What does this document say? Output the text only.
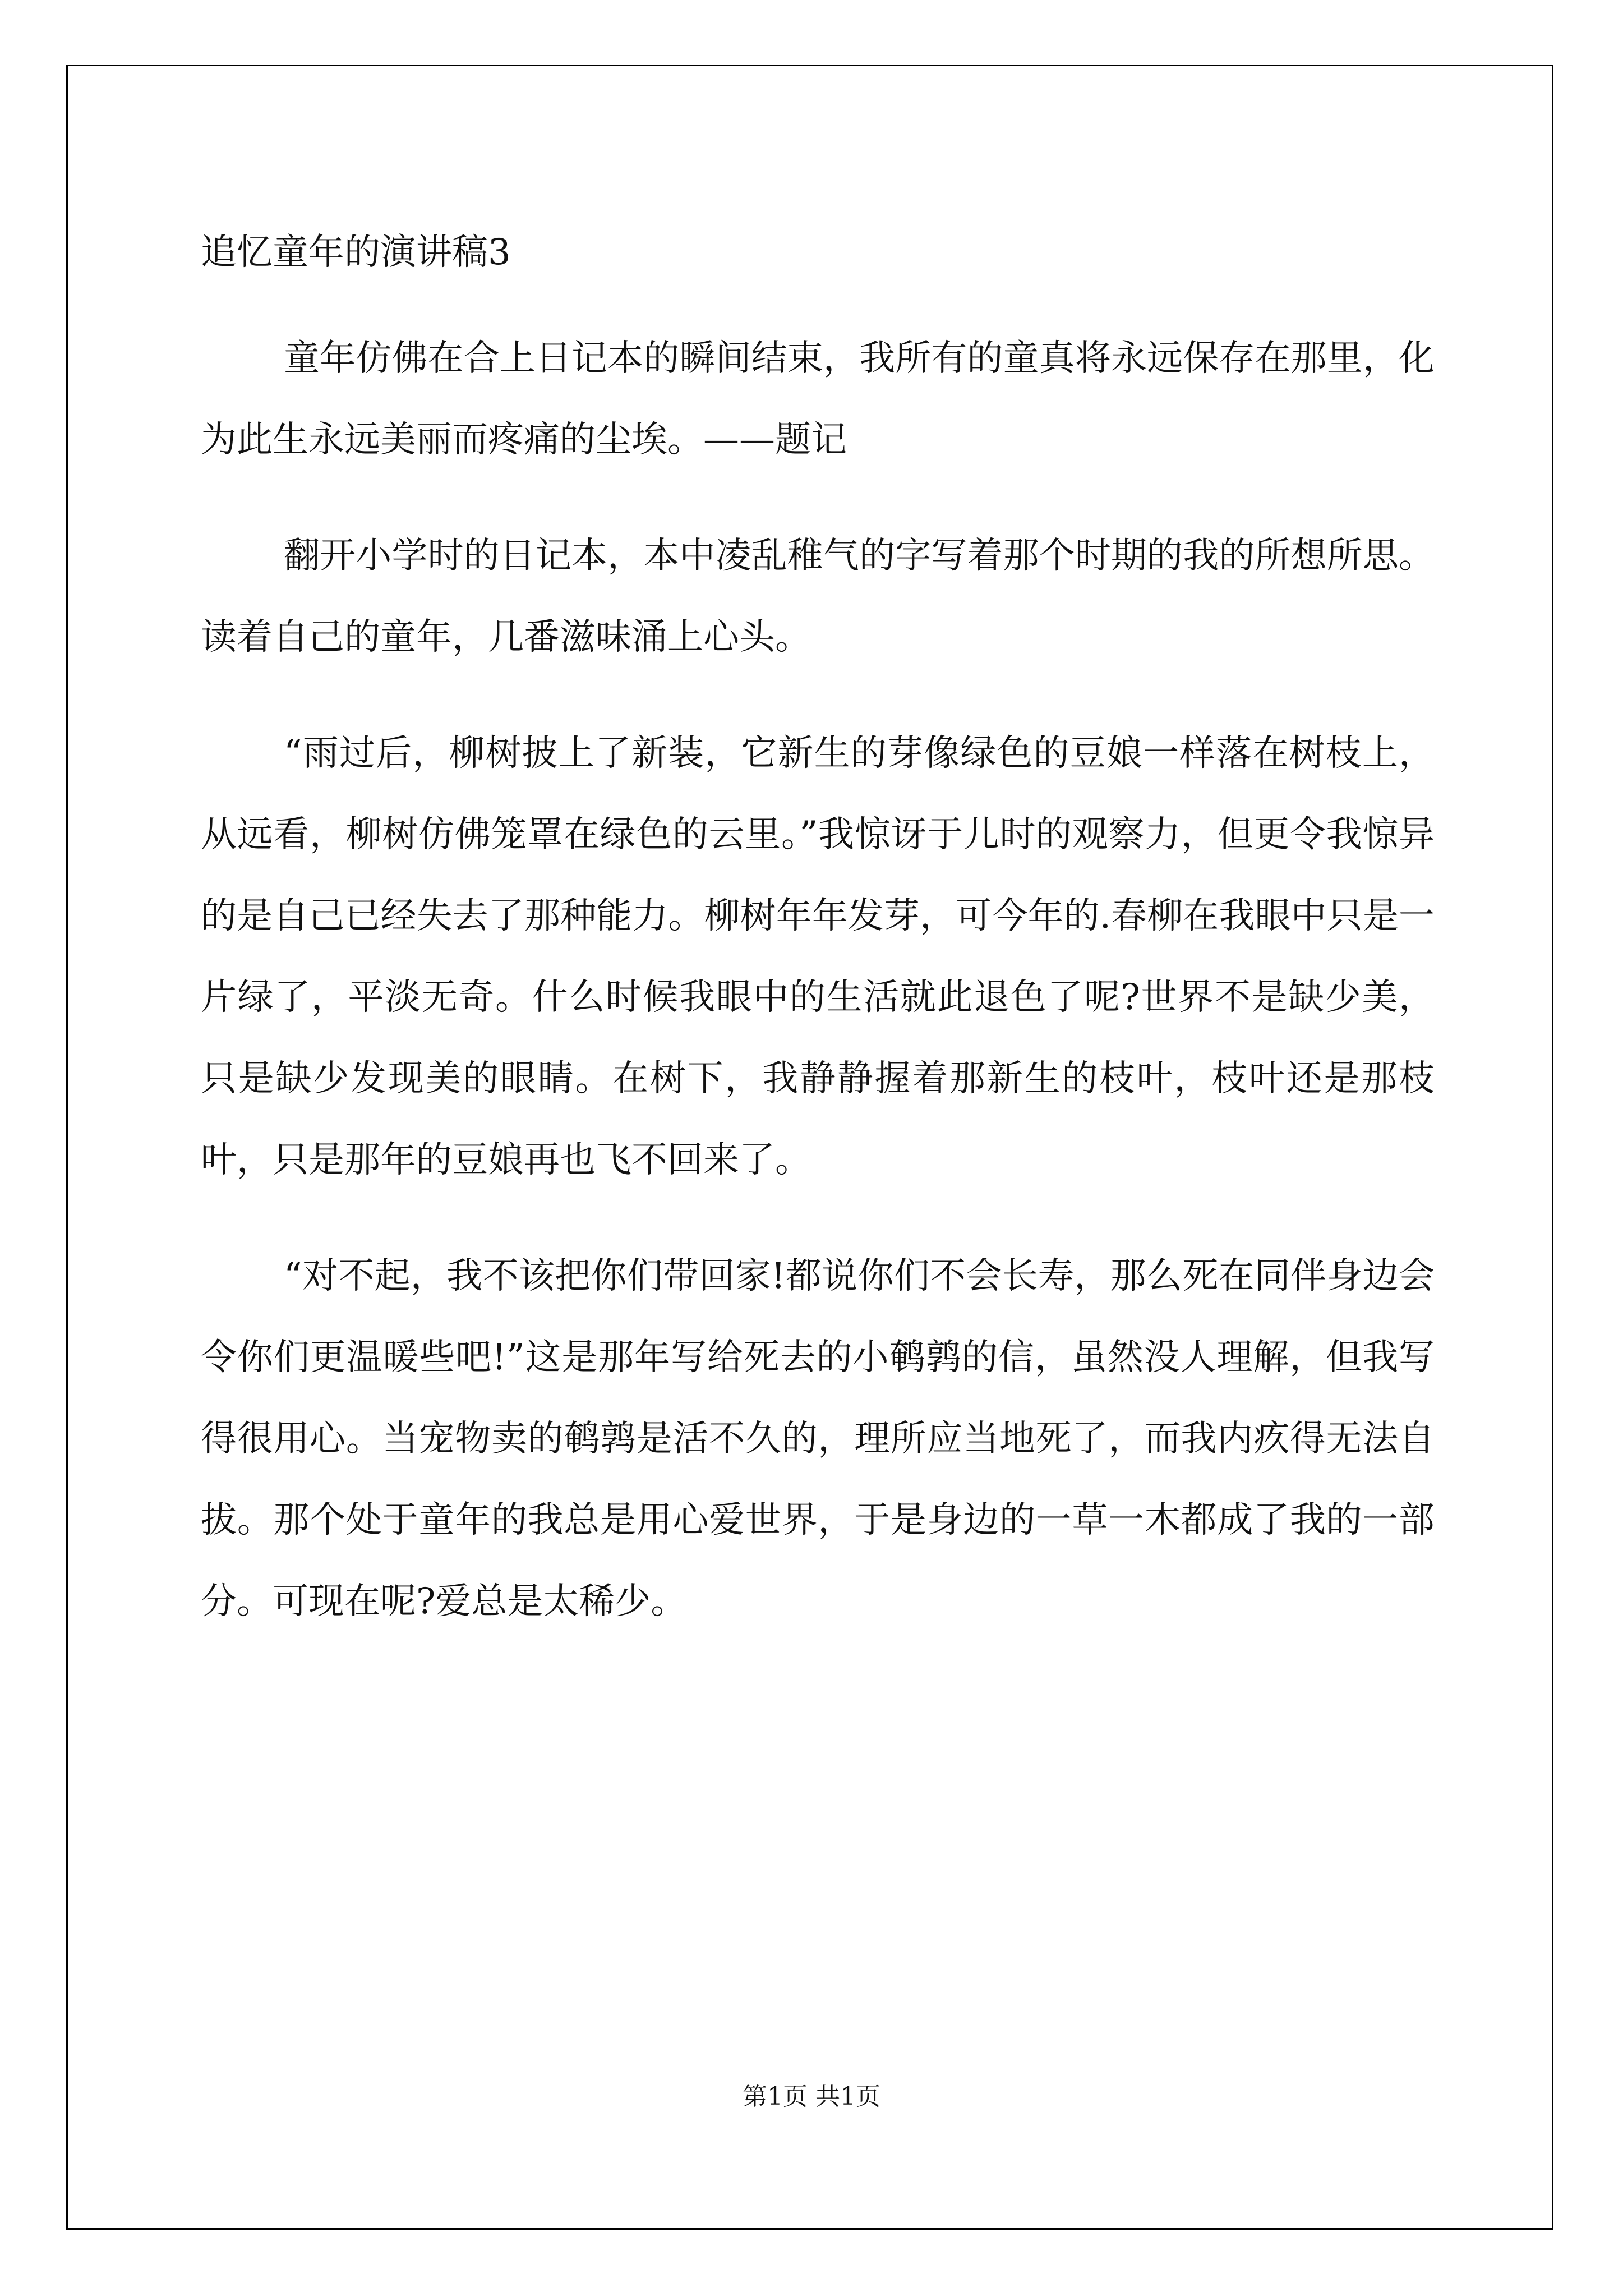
追忆童年的演讲稿3

童年仿佛在合上日记本的瞬间结束，我所有的童真将永远保存在那里，化为此生永远美丽而疼痛的尘埃。——题记

翻开小学时的日记本，本中凌乱稚气的字写着那个时期的我的所想所思。读着自己的童年，几番滋味涌上心头。

“雨过后，柳树披上了新装，它新生的芽像绿色的豆娘一样落在树枝上，从远看，柳树仿佛笼罩在绿色的云里。”我惊讶于儿时的观察力，但更令我惊异的是自己已经失去了那种能力。柳树年年发芽，可今年的.春柳在我眼中只是一片绿了，平淡无奇。什么时候我眼中的生活就此退色了呢?世界不是缺少美，只是缺少发现美的眼睛。在树下，我静静握着那新生的枝叶，枝叶还是那枝叶，只是那年的豆娘再也飞不回来了。

“对不起，我不该把你们带回家!都说你们不会长寿，那么死在同伴身边会令你们更温暖些吧!”这是那年写给死去的小鹌鹑的信，虽然没人理解，但我写得很用心。当宠物卖的鹌鹑是活不久的，理所应当地死了，而我内疚得无法自拔。那个处于童年的我总是用心爱世界，于是身边的一草一木都成了我的一部分。可现在呢?爱总是太稀少。

第1页 共1页
